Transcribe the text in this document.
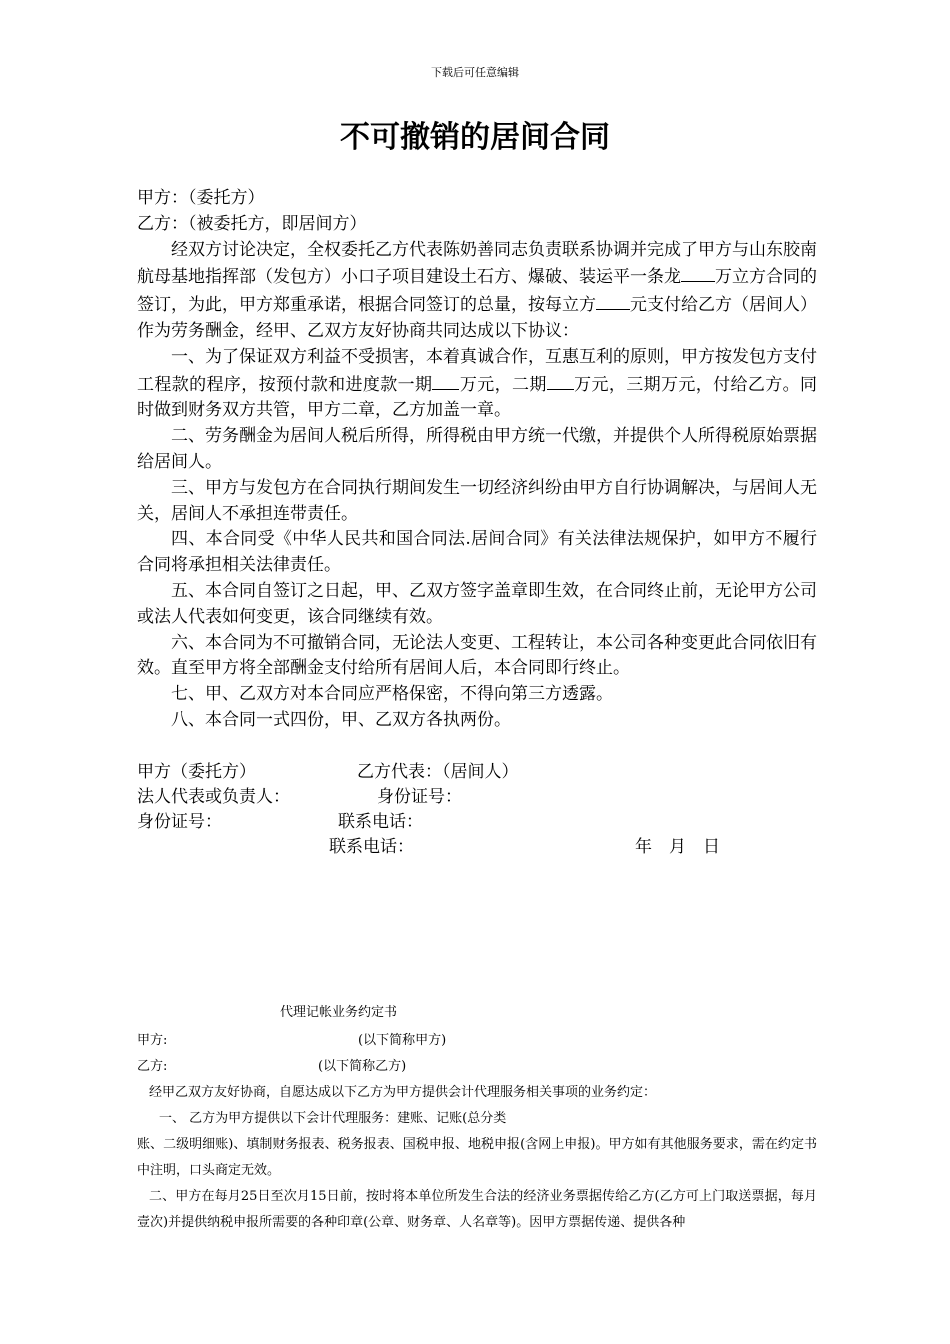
下载后可任意编辑
不可撤销的居间合同

甲方：（委托方）

乙方：（被委托方，即居间方）

经双方讨论决定，全权委托乙方代表陈奶善同志负责联系协调并完成了甲方与山东胶南航母基地指挥部（发包方）小口子项目建设土石方、爆破、装运平一条龙 万立方合同的签订，为此，甲方郑重承诺，根据合同签订的总量，按每立方 元支付给乙方（居间人）作为劳务酬金，经甲、乙双方友好协商共同达成以下协议：

一、为了保证双方利益不受损害，本着真诚合作，互惠互利的原则，甲方按发包方支付工程款的程序，按预付款和进度款一期 万元，二期 万元，三期万元，付给乙方。同时做到财务双方共管，甲方二章，乙方加盖一章。

二、劳务酬金为居间人税后所得，所得税由甲方统一代缴，并提供个人所得税原始票据给居间人。

三、甲方与发包方在合同执行期间发生一切经济纠纷由甲方自行协调解决，与居间人无关，居间人不承担连带责任。

四、本合同受《中华人民共和国合同法.居间合同》有关法律法规保护，如甲方不履行合同将承担相关法律责任。

五、本合同自签订之日起，甲、乙双方签字盖章即生效，在合同终止前，无论甲方公司或法人代表如何变更，该合同继续有效。

六、本合同为不可撤销合同，无论法人变更、工程转让，本公司各种变更此合同依旧有效。直至甲方将全部酬金支付给所有居间人后，本合同即行终止。

七、甲、乙双方对本合同应严格保密，不得向第三方透露。

八、本合同一式四份，甲、乙双方各执两份。

甲方（委托方）	乙方代表：（居间人）
法人代表或负责人：	身份证号：
身份证号：	联系电话：
联系电话：	年　月　日
代理记帐业务约定书
甲方:	(以下简称甲方)
乙方:	(以下简称乙方)

经甲乙双方友好协商，自愿达成以下乙方为甲方提供会计代理服务相关事项的业务约定：

一、 乙方为甲方提供以下会计代理服务：建账、记账(总分类

账、二级明细账)、填制财务报表、税务报表、国税申报、地税申报(含网上申报)。甲方如有其他服务要求，需在约定书中注明，口头商定无效。

二、甲方在每月25日至次月15日前，按时将本单位所发生合法的经济业务票据传给乙方(乙方可上门取送票据，每月壹次)并提供纳税申报所需要的各种印章(公章、财务章、人名章等)。因甲方票据传递、提供各种
